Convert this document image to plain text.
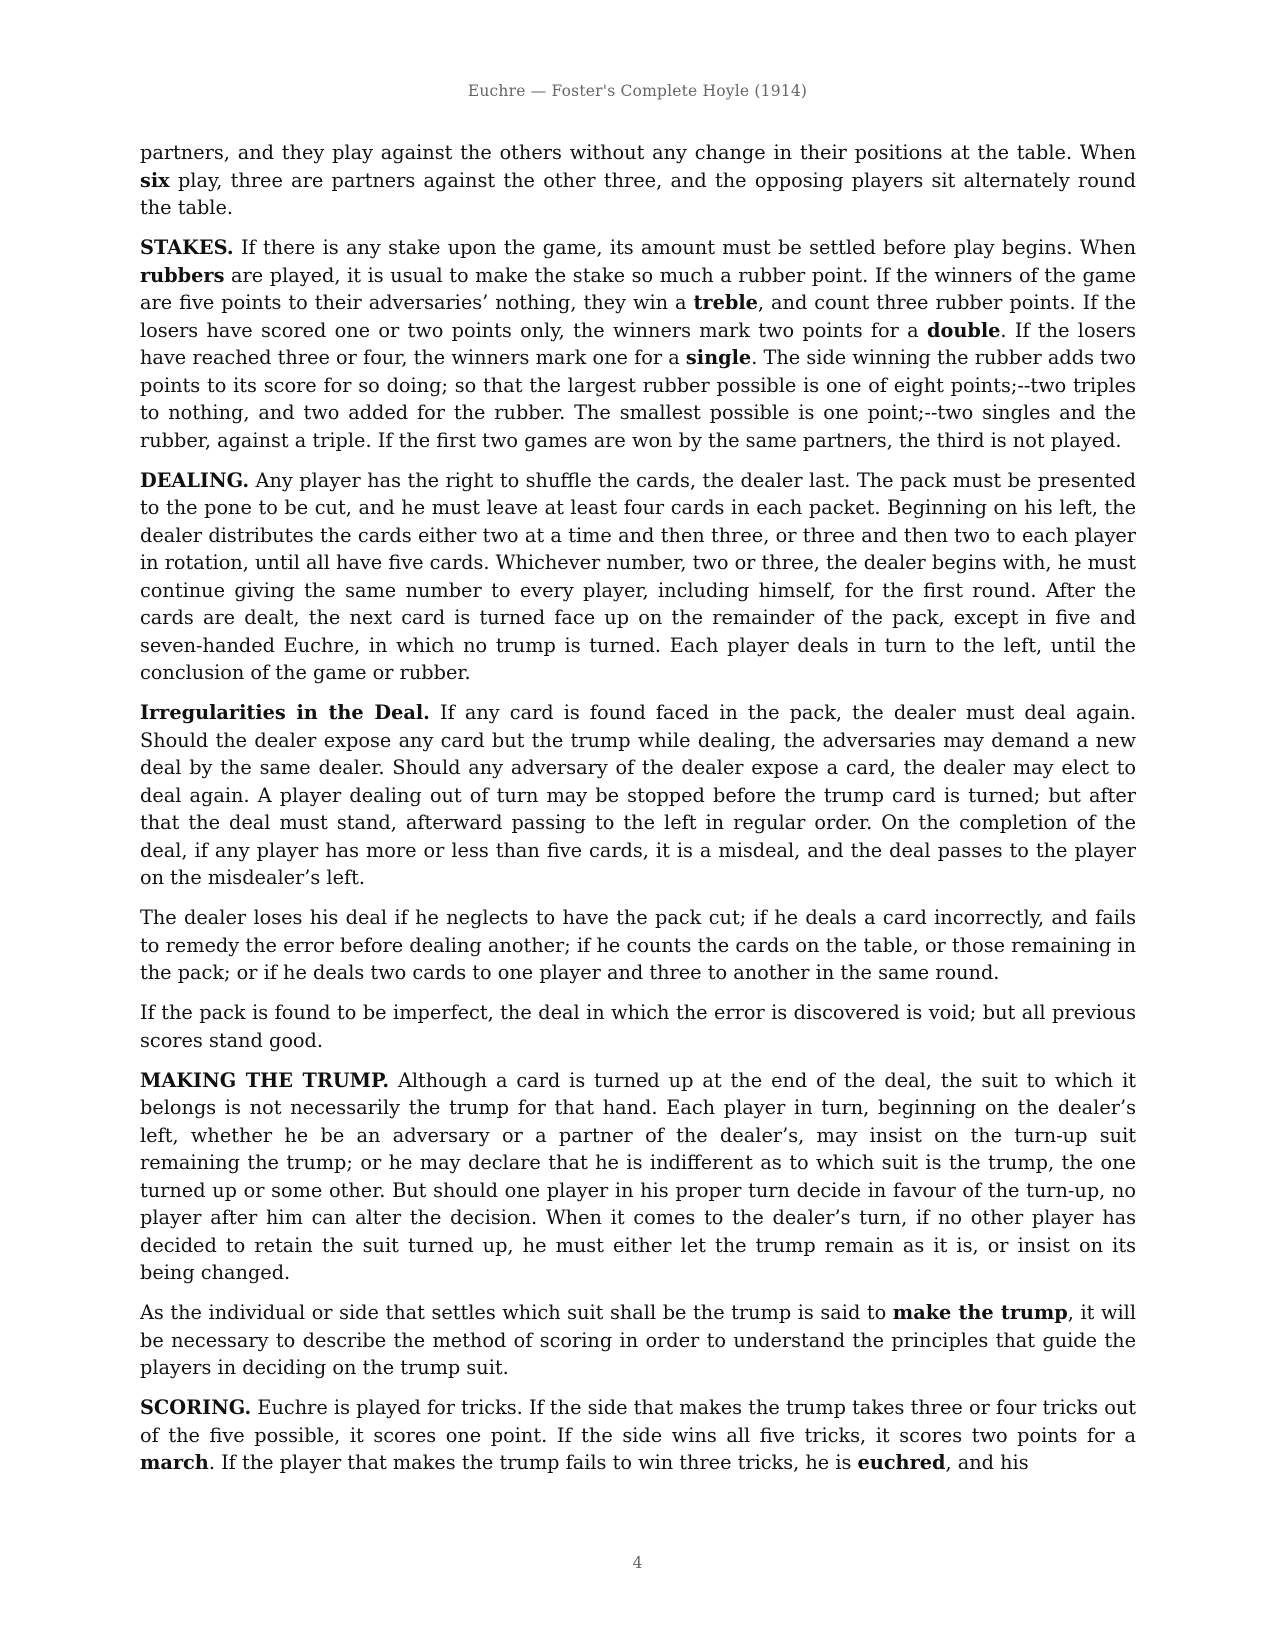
Euchre — Foster's Complete Hoyle (1914)

partners, and they play against the others without any change in their positions at the table. When six play, three are partners against the other three, and the opposing players sit alternately round the table.

STAKES. If there is any stake upon the game, its amount must be settled before play begins. When rubbers are played, it is usual to make the stake so much a rubber point. If the winners of the game are five points to their adversaries’ nothing, they win a treble, and count three rubber points. If the losers have scored one or two points only, the winners mark two points for a double. If the losers have reached three or four, the winners mark one for a single. The side winning the rubber adds two points to its score for so doing; so that the largest rubber possible is one of eight points;--two triples to nothing, and two added for the rubber. The smallest possible is one point;--two singles and the rubber, against a triple. If the first two games are won by the same partners, the third is not played.

DEALING. Any player has the right to shuffle the cards, the dealer last. The pack must be presented to the pone to be cut, and he must leave at least four cards in each packet. Beginning on his left, the dealer distributes the cards either two at a time and then three, or three and then two to each player in rotation, until all have five cards. Whichever number, two or three, the dealer begins with, he must continue giving the same number to every player, including himself, for the first round. After the cards are dealt, the next card is turned face up on the remainder of the pack, except in five and seven-handed Euchre, in which no trump is turned. Each player deals in turn to the left, until the conclusion of the game or rubber.

Irregularities in the Deal. If any card is found faced in the pack, the dealer must deal again. Should the dealer expose any card but the trump while dealing, the adversaries may demand a new deal by the same dealer. Should any adversary of the dealer expose a card, the dealer may elect to deal again. A player dealing out of turn may be stopped before the trump card is turned; but after that the deal must stand, afterward passing to the left in regular order. On the completion of the deal, if any player has more or less than five cards, it is a misdeal, and the deal passes to the player on the misdealer’s left.

The dealer loses his deal if he neglects to have the pack cut; if he deals a card incorrectly, and fails to remedy the error before dealing another; if he counts the cards on the table, or those remaining in the pack; or if he deals two cards to one player and three to another in the same round.

If the pack is found to be imperfect, the deal in which the error is discovered is void; but all previous scores stand good.

MAKING THE TRUMP. Although a card is turned up at the end of the deal, the suit to which it belongs is not necessarily the trump for that hand. Each player in turn, beginning on the dealer’s left, whether he be an adversary or a partner of the dealer’s, may insist on the turn-up suit remaining the trump; or he may declare that he is indifferent as to which suit is the trump, the one turned up or some other. But should one player in his proper turn decide in favour of the turn-up, no player after him can alter the decision. When it comes to the dealer’s turn, if no other player has decided to retain the suit turned up, he must either let the trump remain as it is, or insist on its being changed.

As the individual or side that settles which suit shall be the trump is said to make the trump, it will be necessary to describe the method of scoring in order to understand the principles that guide the players in deciding on the trump suit.

SCORING. Euchre is played for tricks. If the side that makes the trump takes three or four tricks out of the five possible, it scores one point. If the side wins all five tricks, it scores two points for a march. If the player that makes the trump fails to win three tricks, he is euchred, and his

4
